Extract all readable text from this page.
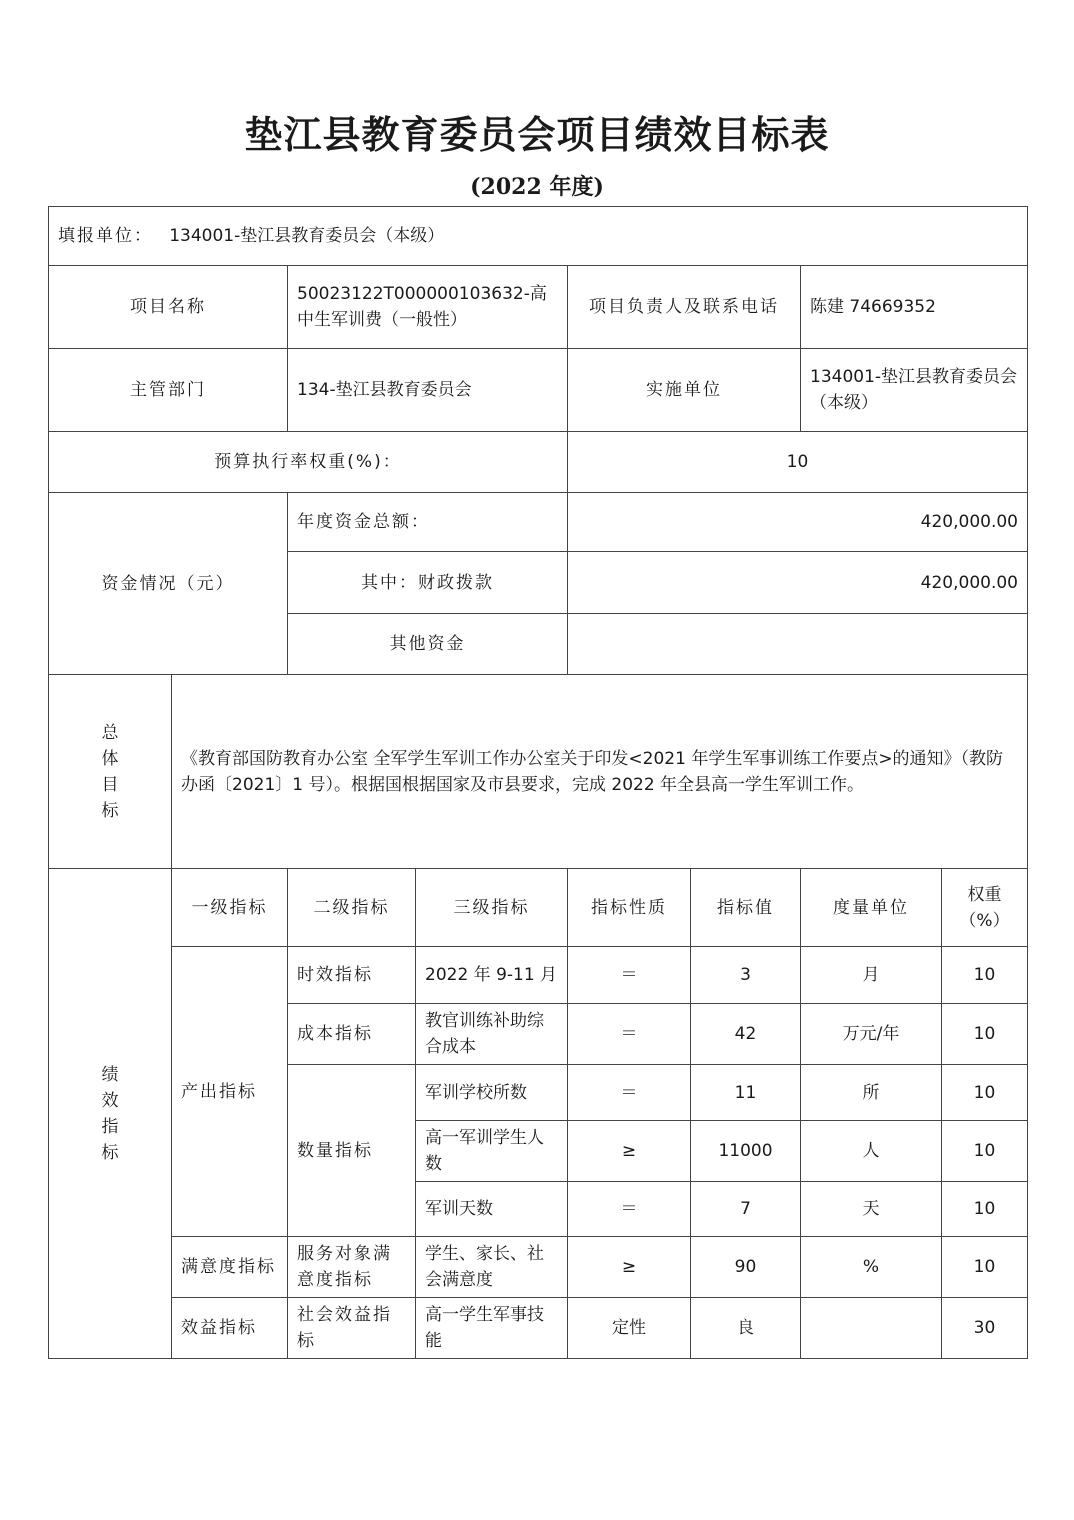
垫江县教育委员会项目绩效目标表
(2022 年度)
填报单位： 134001-垫江县教育委员会（本级）							
项目名称		50023122T000000103632-高中生军训费（一般性）		项目负责人及联系电话		陈建 74669352	
主管部门		134-垫江县教育委员会		实施单位		134001-垫江县教育委员会（本级）	
预算执行率权重(%)：				10			
资金情况（元）		年度资金总额：		420,000.00			
		其中：财政拨款		420,000.00			
		其他资金					

总
体
目
标	《教育部国防教育办公室 全军学生军训工作办公室关于印发<2021 年学生军事训练工作要点>的通知》（教防办函〔2021〕1 号）。根据国根据国家及市县要求，完成 2022 年全县高一学生军训工作。						

绩
效
指
标	一级指标	二级指标	三级指标	指标性质	指标值	度量单位	权重（%）
	产出指标	时效指标	2022 年 9-11 月	＝	3	月	10
		成本指标	教官训练补助综合成本	＝	42	万元/年	10
		数量指标	军训学校所数	＝	11	所	10
			高一军训学生人数	≥	11000	人	10
			军训天数	＝	7	天	10
	满意度指标	服务对象满意度指标	学生、家长、社会满意度	≥	90	%	10
	效益指标	社会效益指标	高一学生军事技能	定性	良		30
